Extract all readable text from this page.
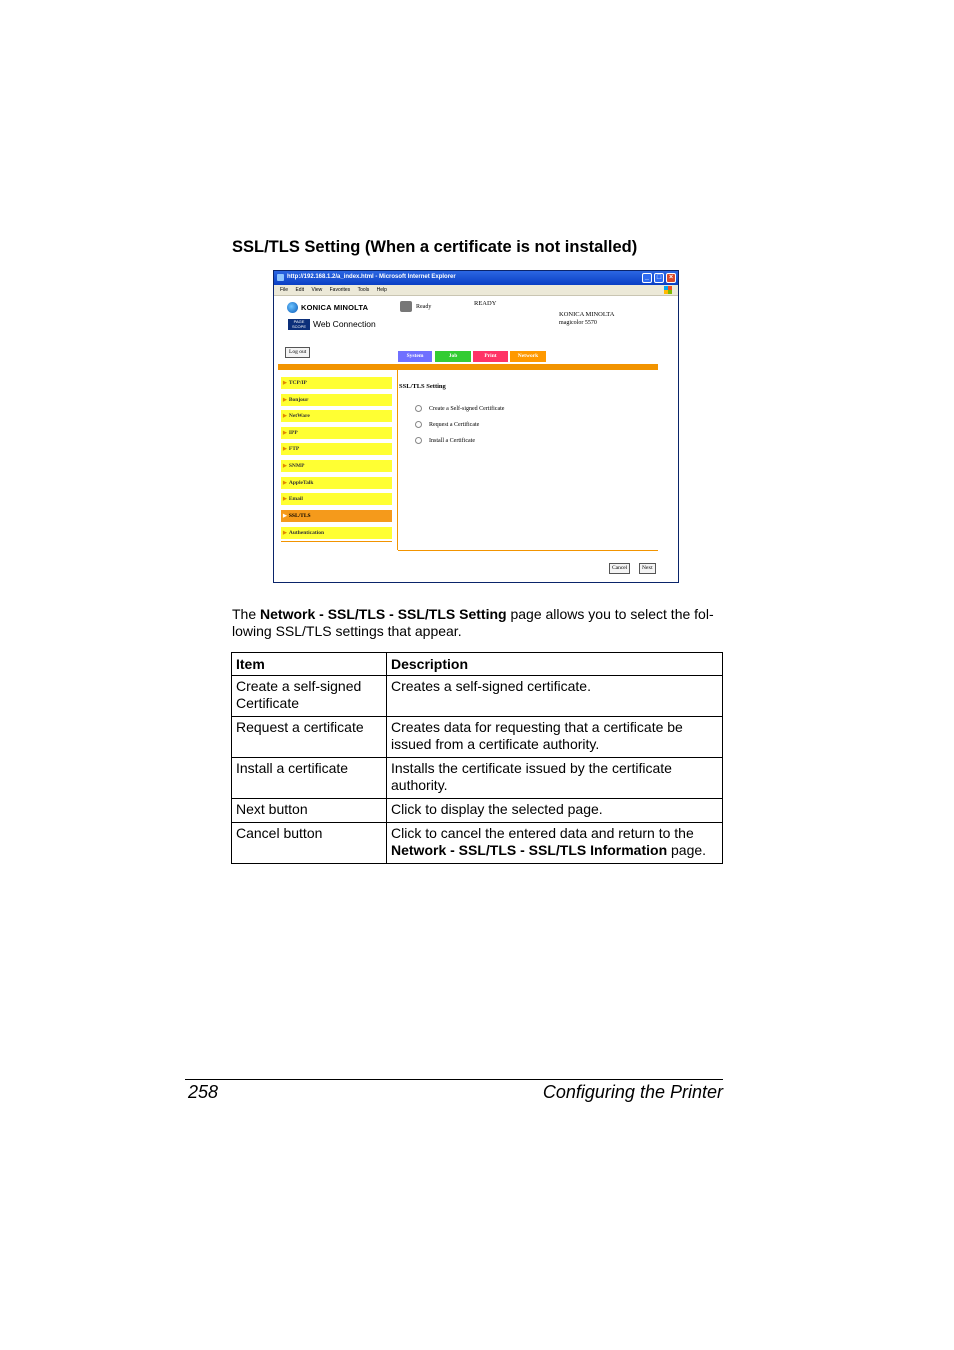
SSL/TLS Setting (When a certificate is not installed)
http://192.168.1.2/a_index.html - Microsoft Internet Explorer	_	□	×
File Edit View Favorites Tools Help
KONICA MINOLTA
PAGE SCOPE Web Connection
Ready	READY
KONICA MINOLTA
magicolor 5570
Log out
System	Job	Print	Network
▶ TCP/IP
▶ Bonjour
▶ NetWare
▶ IPP
▶ FTP
▶ SNMP
▶ AppleTalk
▶ Email
▶ SSL/TLS
▶ Authentication
SSL/TLS Setting
Create a Self-signed Certificate
Request a Certificate
Install a Certificate
Cancel	Next
The Network - SSL/TLS - SSL/TLS Setting page allows you to select the fol-lowing SSL/TLS settings that appear.
Item	Description
Create a self-signed Certificate	Creates a self-signed certificate.
Request a certificate	Creates data for requesting that a certificate be issued from a certificate authority.
Install a certificate	Installs the certificate issued by the certificate authority.
Next button	Click to display the selected page.
Cancel button	Click to cancel the entered data and return to the Network - SSL/TLS - SSL/TLS Information page.
258	Configuring the Printer
